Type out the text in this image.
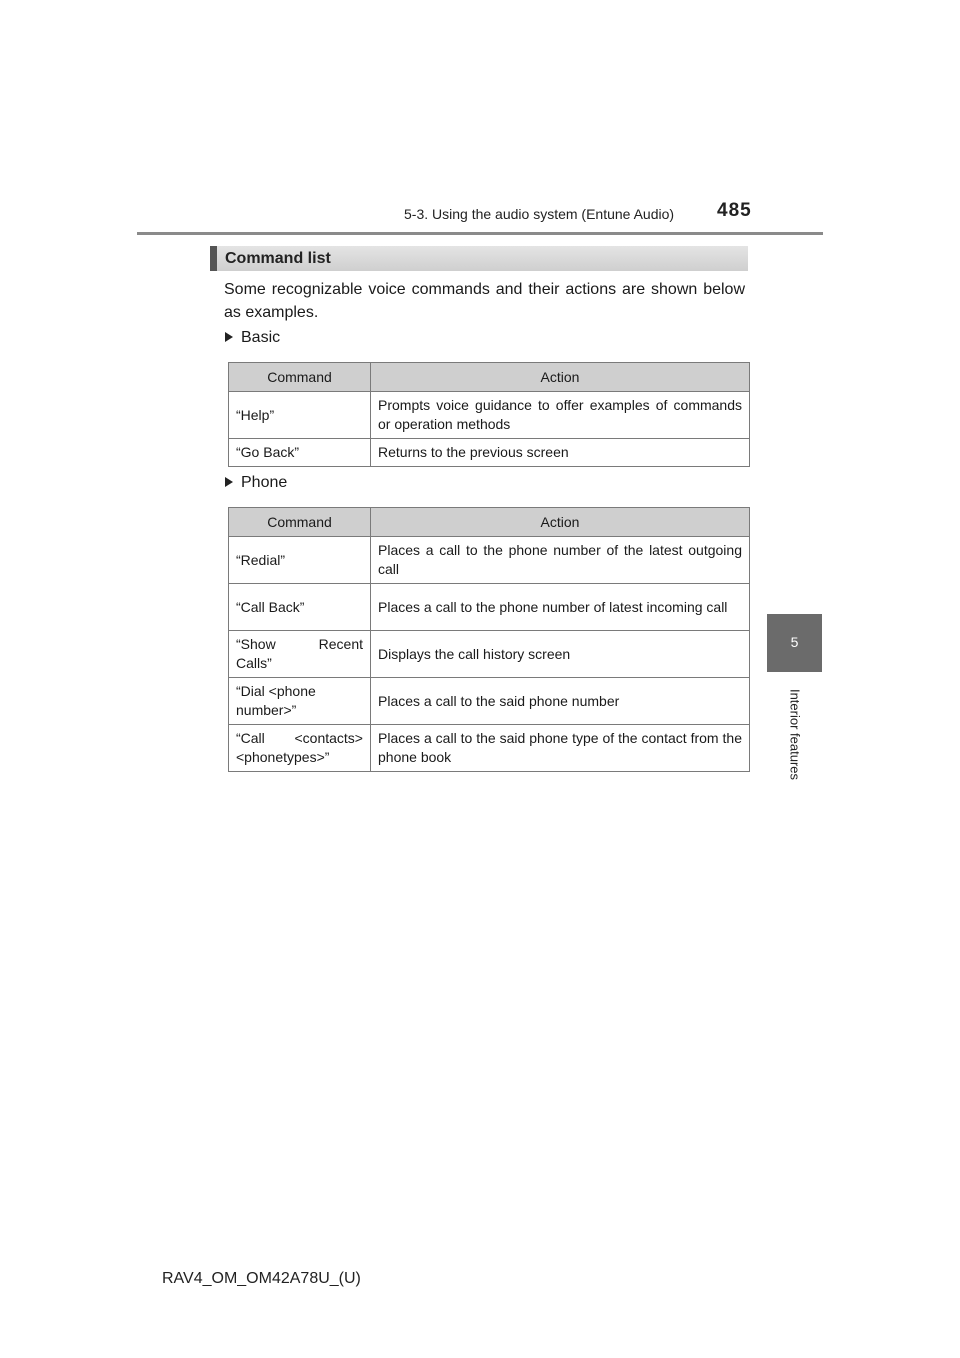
5-3. Using the audio system (Entune Audio) 485
5
Interior features
Command list
Some recognizable voice commands and their actions are shown below as examples.
Basic
Command	Action
“Help”	Prompts voice guidance to offer examples of commands or operation methods
“Go Back”	Returns to the previous screen
Phone
Command	Action
“Redial”	Places a call to the phone number of the latest outgoing call
“Call Back”	Places a call to the phone number of latest incoming call
“Show Recent Calls”	Displays the call history screen
“Dial <phone number>”	Places a call to the said phone number
“Call <contacts> <phonetypes>”	Places a call to the said phone type of the contact from the phone book
RAV4_OM_OM42A78U_(U)
